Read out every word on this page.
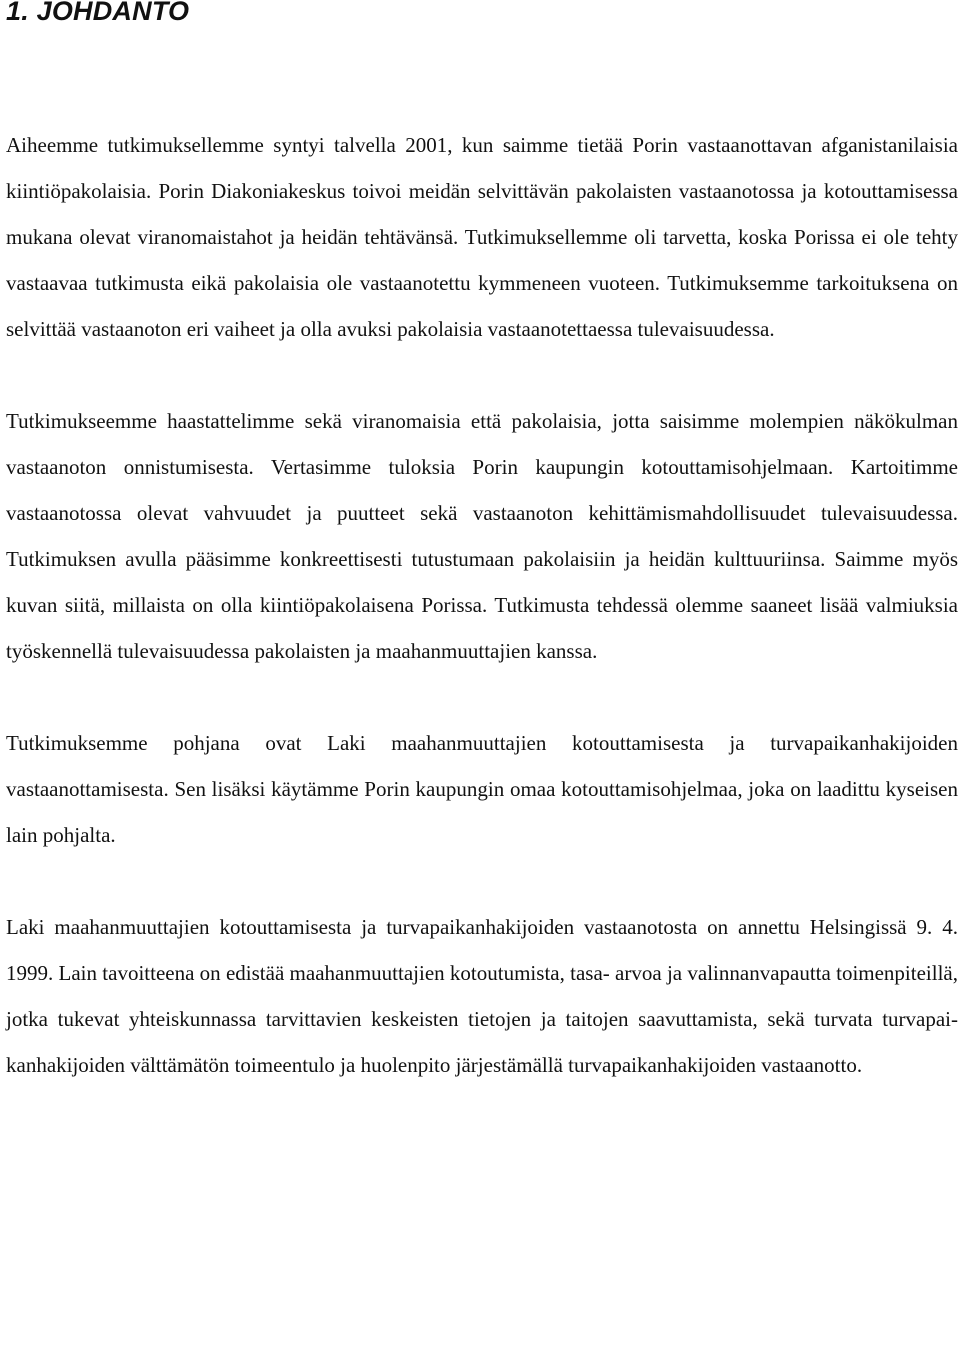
1. JOHDANTO

Aiheemme tutkimuksellemme syntyi talvella 2001, kun saimme tietää Porin vastaanottavan afganistanilaisia kiintiöpakolaisia. Porin Diakoniakeskus toivoi meidän selvittävän pakolaisten vastaanotossa ja kotouttamisessa mukana olevat viranomaistahot ja heidän tehtävänsä. Tutkimuksellemme oli tarvetta, koska Porissa ei ole tehty vastaavaa tutkimusta eikä pakolaisia ole vastaanotettu kymmeneen vuoteen. Tutkimuksemme tarkoituksena on selvittää vastaanoton eri vaiheet ja olla avuksi pakolaisia vastaanotettaessa tulevaisuudessa.

Tutkimukseemme haastattelimme sekä viranomaisia että pakolaisia, jotta saisimme molempien näkökulman vastaanoton onnistumisesta. Vertasimme tuloksia Porin kaupungin kotouttamisohjelmaan. Kartoitimme vastaanotossa olevat vahvuudet ja puutteet sekä vastaanoton kehittämismahdollisuudet tulevaisuudessa. Tutkimuksen avulla pääsimme konkreettisesti tutustumaan pakolaisiin ja heidän kulttuuriinsa. Saimme myös kuvan siitä, millaista on olla kiintiöpakolaisena Porissa. Tutkimusta tehdessä olemme saaneet lisää valmiuksia työskennellä tulevaisuudessa pakolaisten ja maahanmuuttajien kanssa.

Tutkimuksemme pohjana ovat Laki maahanmuuttajien kotouttamisesta ja turvapaikanhakijoiden vastaanottamisesta. Sen lisäksi käytämme Porin kaupungin omaa kotouttamisohjelmaa, joka on laadittu kyseisen lain pohjalta.

Laki maahanmuuttajien kotouttamisesta ja turvapaikanhakijoiden vastaanotosta on annettu Helsingissä 9. 4. 1999. Lain tavoitteena on edistää maahanmuuttajien kotoutumista, tasa- arvoa ja valinnanvapautta toimenpiteillä, jotka tukevat yhteiskunnassa tarvittavien keskeisten tietojen ja taitojen saavuttamista, sekä turvata turvapaikanhakijoiden välttämätön toimeentulo ja huolenpito järjestämällä turvapaikanhakijoiden vastaanotto.
